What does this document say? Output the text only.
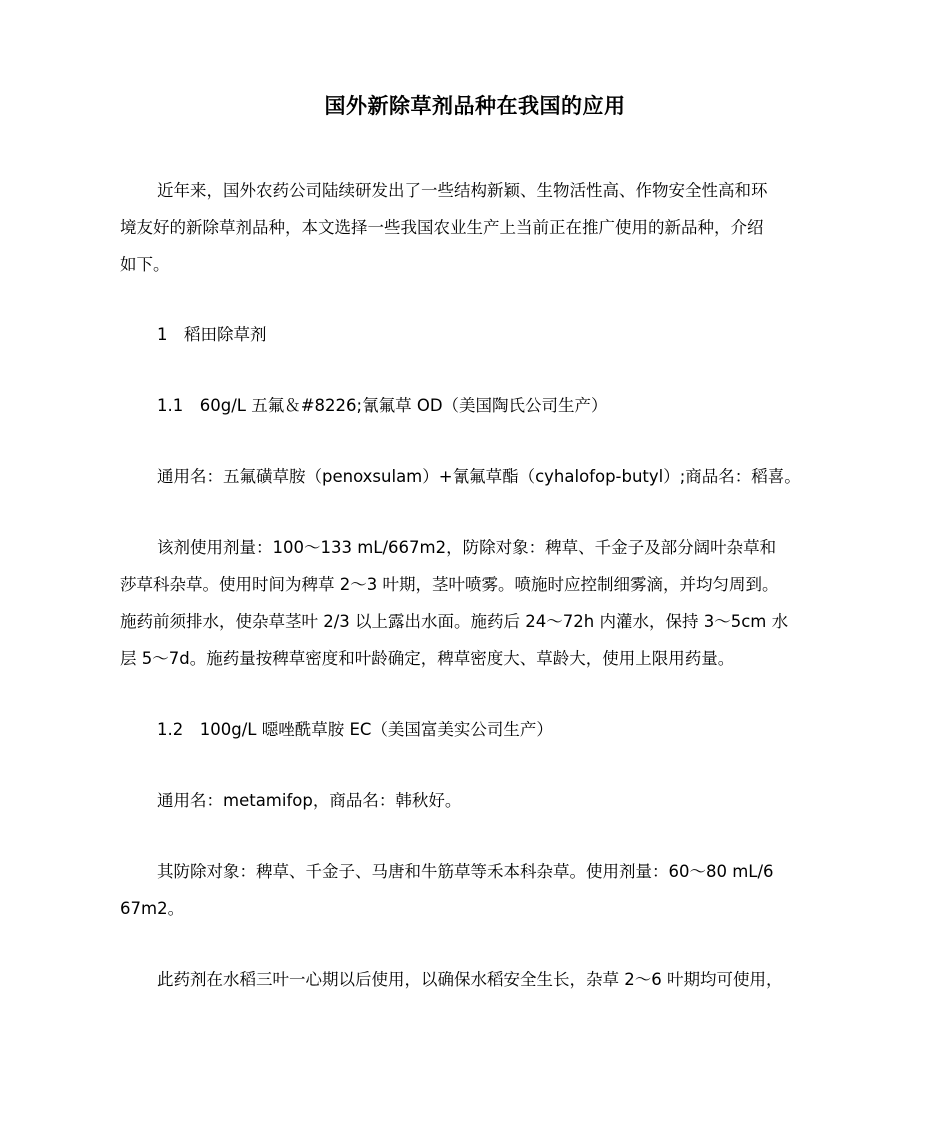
国外新除草剂品种在我国的应用
近年来，国外农药公司陆续研发出了一些结构新颖、生物活性高、作物安全性高和环
境友好的新除草剂品种，本文选择一些我国农业生产上当前正在推广使用的新品种，介绍
如下。
1　稻田除草剂
1.1　60g/L 五氟＆#8226;氰氟草 OD（美国陶氏公司生产）
通用名：五氟磺草胺（penoxsulam）+氰氟草酯（cyhalofop-butyl）;商品名：稻喜。
该剂使用剂量：100～133 mL/667m2，防除对象：稗草、千金子及部分阔叶杂草和
莎草科杂草。使用时间为稗草 2～3 叶期，茎叶喷雾。喷施时应控制细雾滴，并均匀周到。
施药前须排水，使杂草茎叶 2/3 以上露出水面。施药后 24～72h 内灌水，保持 3～5cm 水
层 5～7d。施药量按稗草密度和叶龄确定，稗草密度大、草龄大，使用上限用药量。
1.2　100g/L 噁唑酰草胺 EC（美国富美实公司生产）
通用名：metamifop，商品名：韩秋好。
其防除对象：稗草、千金子、马唐和牛筋草等禾本科杂草。使用剂量：60～80 mL/6
67m2。
此药剂在水稻三叶一心期以后使用，以确保水稻安全生长，杂草 2～6 叶期均可使用，
